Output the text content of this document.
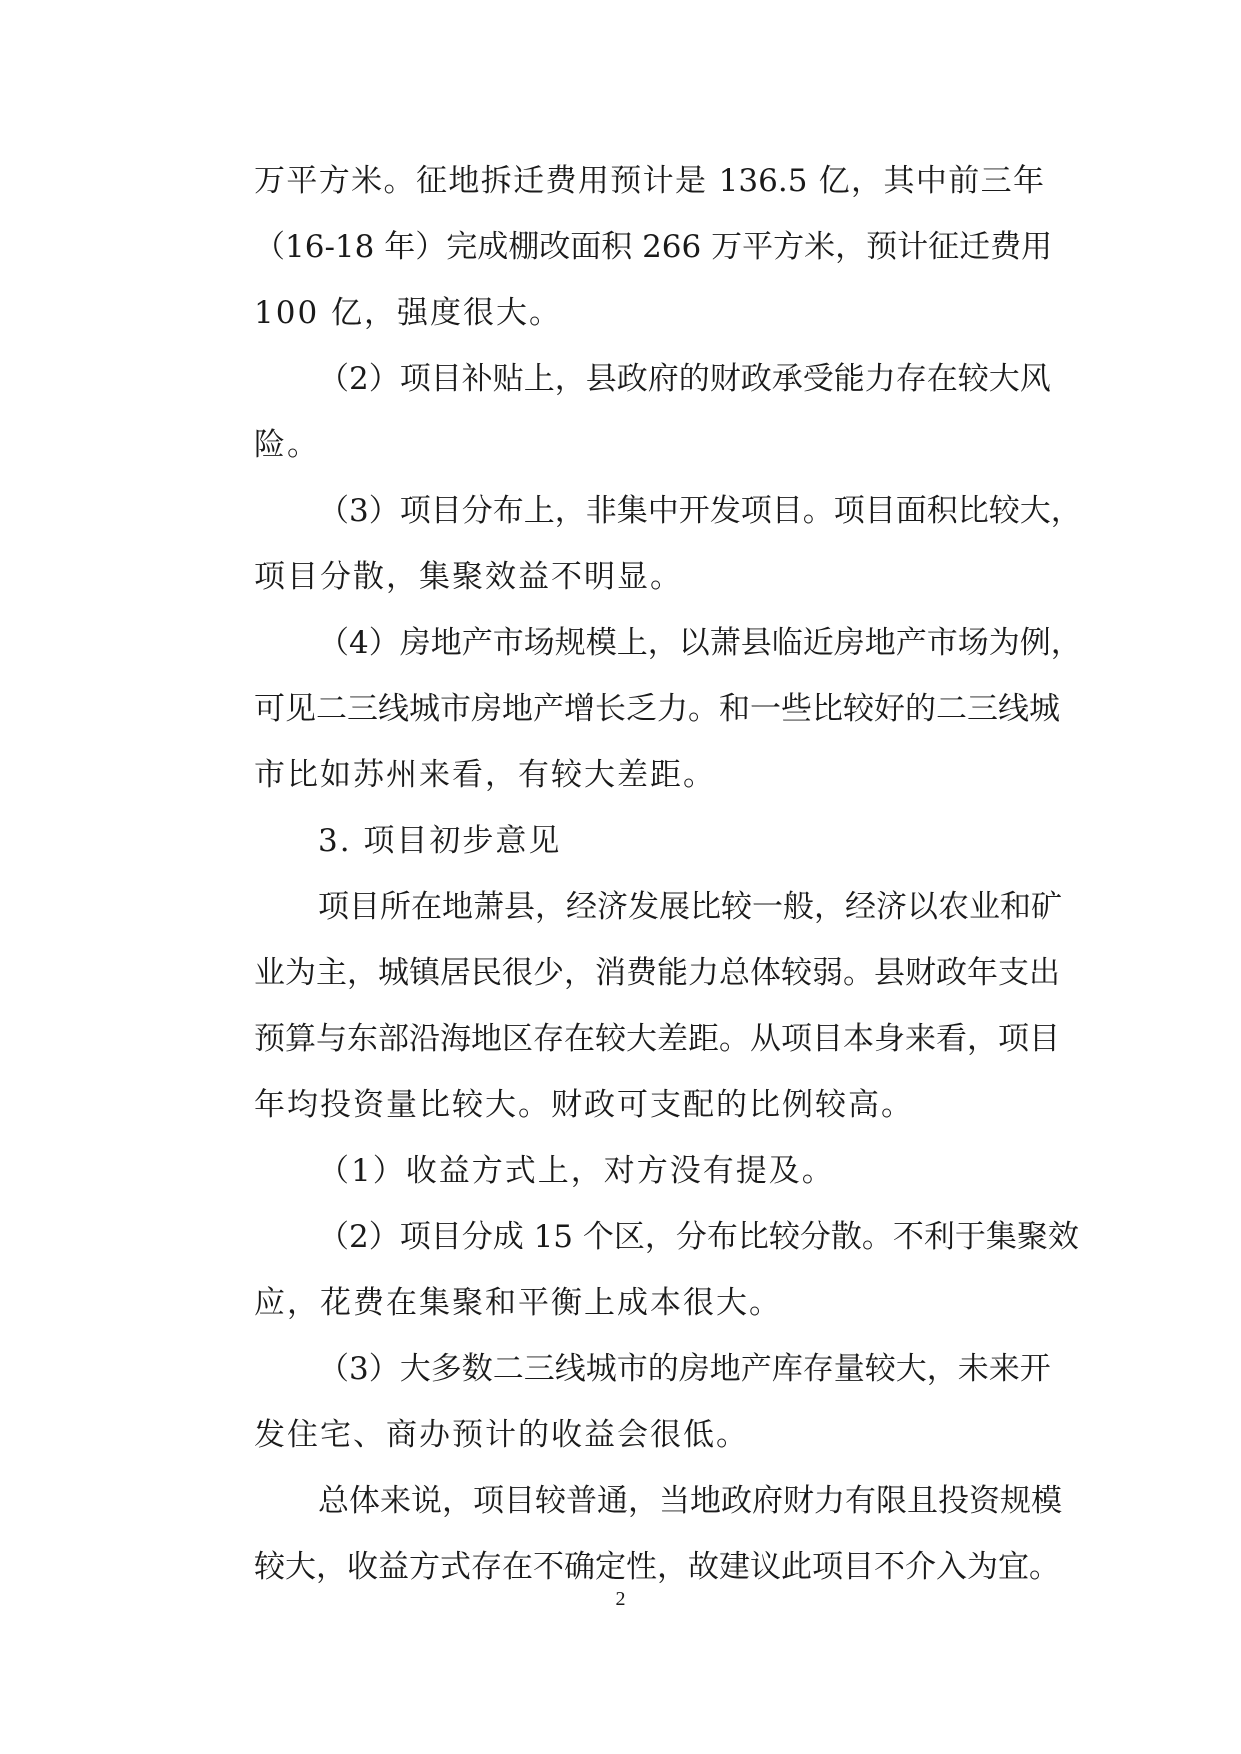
万平方米。征地拆迁费用预计是 136.5 亿，其中前三年
（16-18 年）完成棚改面积 266 万平方米，预计征迁费用
100 亿，强度很大。
（2）项目补贴上，县政府的财政承受能力存在较大风
险。
（3）项目分布上，非集中开发项目。项目面积比较大，
项目分散，集聚效益不明显。
（4）房地产市场规模上，以萧县临近房地产市场为例，
可见二三线城市房地产增长乏力。和一些比较好的二三线城
市比如苏州来看，有较大差距。
3. 项目初步意见
项目所在地萧县，经济发展比较一般，经济以农业和矿
业为主，城镇居民很少，消费能力总体较弱。县财政年支出
预算与东部沿海地区存在较大差距。从项目本身来看，项目
年均投资量比较大。财政可支配的比例较高。
（1）收益方式上，对方没有提及。
（2）项目分成 15 个区，分布比较分散。不利于集聚效
应，花费在集聚和平衡上成本很大。
（3）大多数二三线城市的房地产库存量较大，未来开
发住宅、商办预计的收益会很低。
总体来说，项目较普通，当地政府财力有限且投资规模
较大，收益方式存在不确定性，故建议此项目不介入为宜。
2
